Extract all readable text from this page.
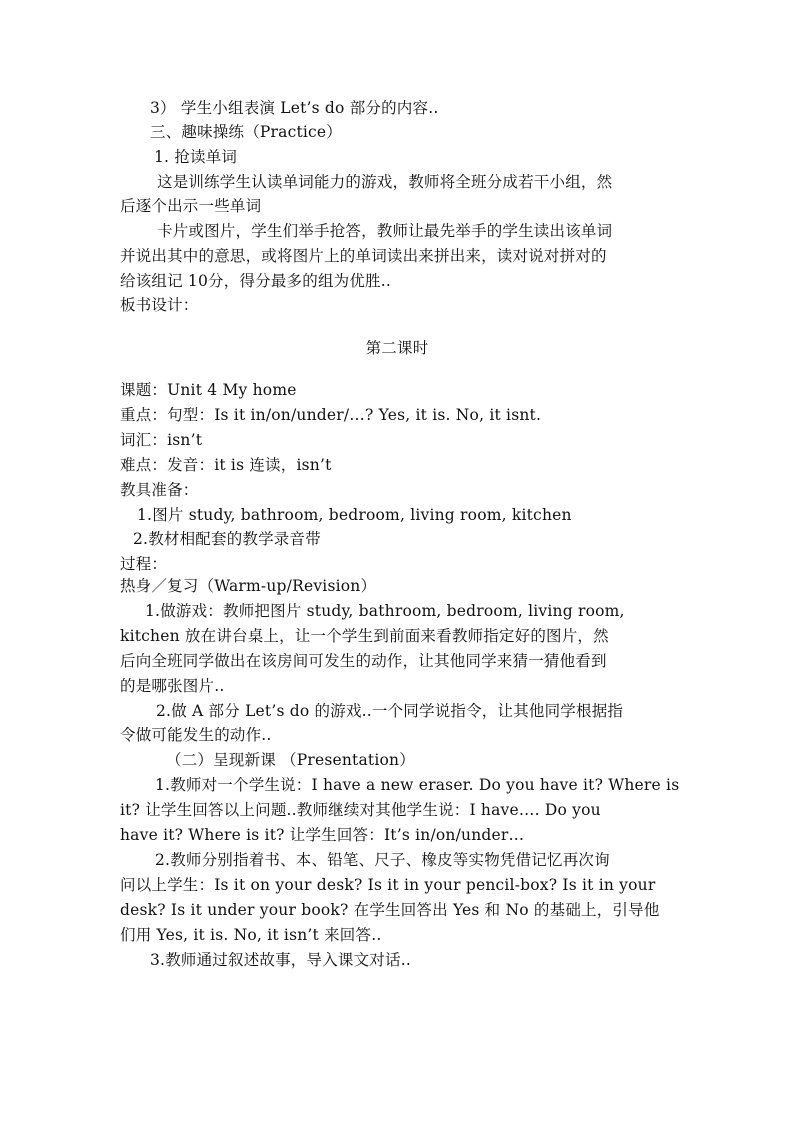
3） 学生小组表演 Let’s do 部分的内容..
三、趣味操练（Practice）
1. 抢读单词
这是训练学生认读单词能力的游戏，教师将全班分成若干小组，然
后逐个出示一些单词
卡片或图片，学生们举手抢答，教师让最先举手的学生读出该单词
并说出其中的意思，或将图片上的单词读出来拼出来，读对说对拼对的
给该组记 10分，得分最多的组为优胜..
板书设计：
第二课时
课题：Unit 4 My home
重点：句型：Is it in/on/under/…? Yes, it is. No, it isnt.
词汇：isn’t
难点：发音：it is 连读，isn’t
教具准备：
1.图片 study, bathroom, bedroom, living room, kitchen
2.教材相配套的教学录音带
过程：
热身／复习（Warm-up/Revision）
1.做游戏：教师把图片 study, bathroom, bedroom, living room,
kitchen 放在讲台桌上，让一个学生到前面来看教师指定好的图片，然
后向全班同学做出在该房间可发生的动作，让其他同学来猜一猜他看到
的是哪张图片..
2.做 A 部分 Let’s do 的游戏..一个同学说指令，让其他同学根据指
令做可能发生的动作..
（二）呈现新课 （Presentation）
1.教师对一个学生说：I have a new eraser. Do you have it? Where is
it? 让学生回答以上问题..教师继续对其他学生说：I have…. Do you
have it? Where is it? 让学生回答：It’s in/on/under…
2.教师分别指着书、本、铅笔、尺子、橡皮等实物凭借记忆再次询
问以上学生：Is it on your desk? Is it in your pencil-box? Is it in your
desk? Is it under your book? 在学生回答出 Yes 和 No 的基础上，引导他
们用 Yes, it is. No, it isn’t 来回答..
3.教师通过叙述故事，导入课文对话..
